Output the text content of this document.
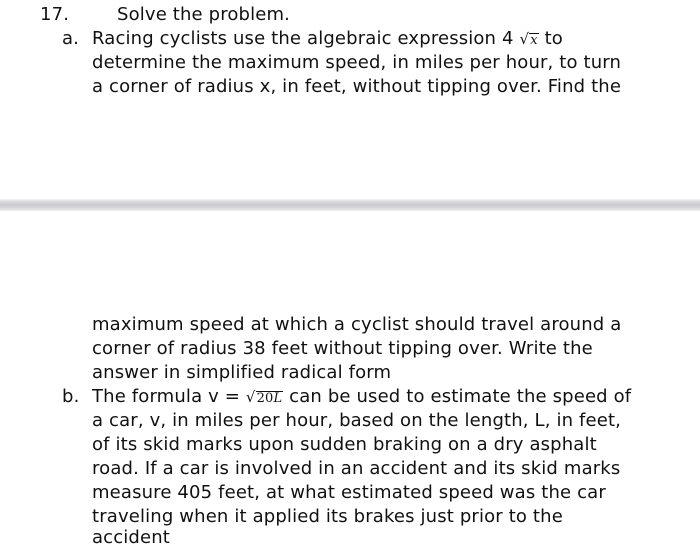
17.	Solve the problem.
a. Racing cyclists use the algebraic expression 4 √x to
determine the maximum speed, in miles per hour, to turn
a corner of radius x, in feet, without tipping over. Find the
maximum speed at which a cyclist should travel around a
corner of radius 38 feet without tipping over. Write the
answer in simplified radical form
b. The formula v = √20L can be used to estimate the speed of
a car, v, in miles per hour, based on the length, L, in feet,
of its skid marks upon sudden braking on a dry asphalt
road. If a car is involved in an accident and its skid marks
measure 405 feet, at what estimated speed was the car
traveling when it applied its brakes just prior to the
accident
